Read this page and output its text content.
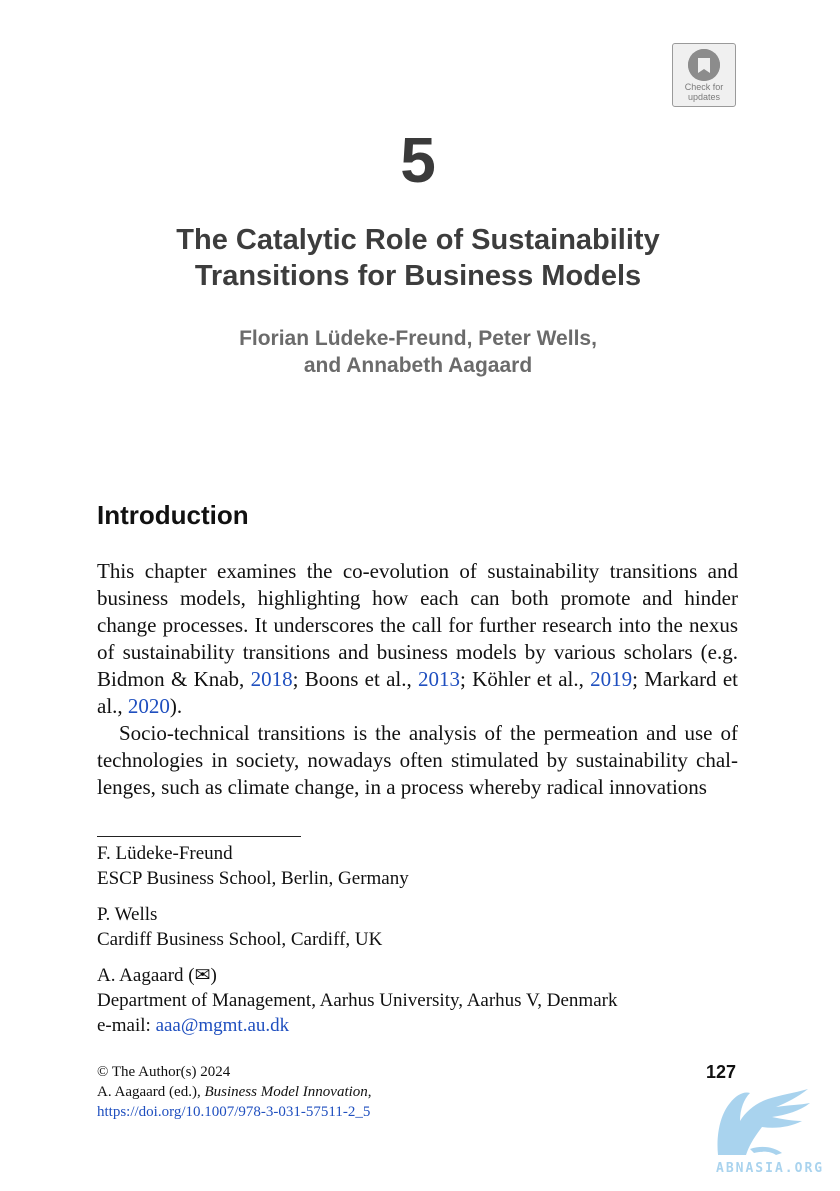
Check for
updates
5
The Catalytic Role of Sustainability
Transitions for Business Models
Florian Lüdeke-Freund, Peter Wells,
and Annabeth Aagaard
Introduction

This chapter examines the co-evolution of sustainability transitions and business models, highlighting how each can both promote and hinder change processes. It underscores the call for further research into the nexus of sustainability transitions and business models by various scholars (e.g. Bidmon & Knab, 2018; Boons et al., 2013; Köhler et al., 2019; Markard et al., 2020).

Socio-technical transitions is the analysis of the permeation and use of technologies in society, nowadays often stimulated by sustainability chal-lenges, such as climate change, in a process whereby radical innovations

F. Lüdeke-Freund
ESCP Business School, Berlin, Germany
P. Wells
Cardiff Business School, Cardiff, UK
A. Aagaard (✉)
Department of Management, Aarhus University, Aarhus V, Denmark
e-mail: aaa@mgmt.au.dk
© The Author(s) 2024
A. Aagaard (ed.), Business Model Innovation,
https://doi.org/10.1007/978-3-031-57511-2_5
127
ABNASIA.ORG
